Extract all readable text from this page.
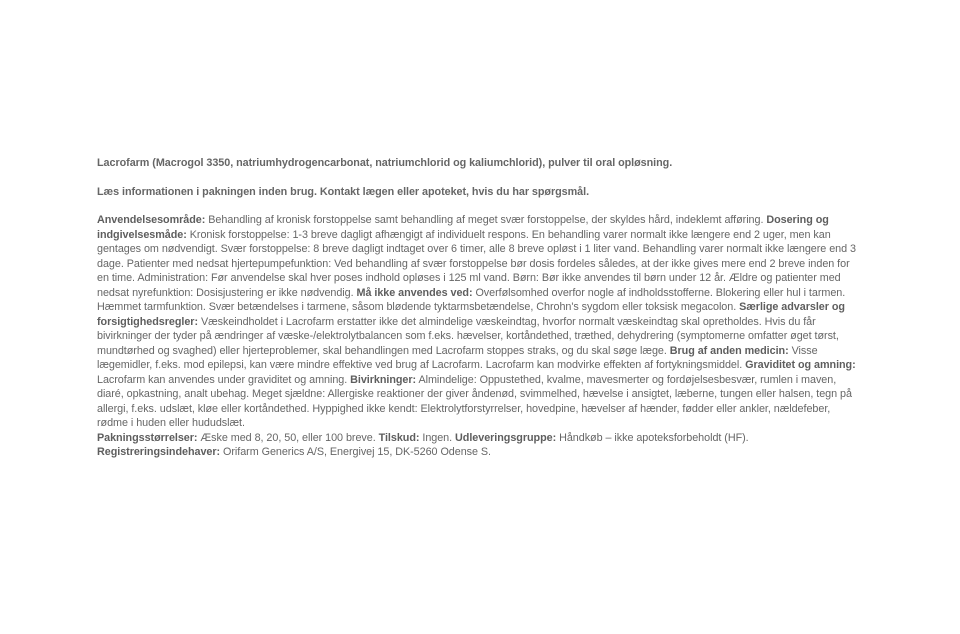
Lacrofarm (Macrogol 3350, natriumhydrogencarbonat, natriumchlorid og kaliumchlorid), pulver til oral opløsning.

Læs informationen i pakningen inden brug. Kontakt lægen eller apoteket, hvis du har spørgsmål.

Anvendelsesområde: Behandling af kronisk forstoppelse samt behandling af meget svær forstoppelse, der skyldes hård, indeklemt afføring. Dosering og indgivelsesmåde: Kronisk forstoppelse: 1-3 breve dagligt afhængigt af individuelt respons. En behandling varer normalt ikke længere end 2 uger, men kan gentages om nødvendigt. Svær forstoppelse: 8 breve dagligt indtaget over 6 timer, alle 8 breve opløst i 1 liter vand. Behandling varer normalt ikke længere end 3 dage. Patienter med nedsat hjertepumpefunktion: Ved behandling af svær forstoppelse bør dosis fordeles således, at der ikke gives mere end 2 breve inden for en time. Administration: Før anvendelse skal hver poses indhold opløses i 125 ml vand. Børn: Bør ikke anvendes til børn under 12 år. Ældre og patienter med nedsat nyrefunktion: Dosisjustering er ikke nødvendig. Må ikke anvendes ved: Overfølsomhed overfor nogle af indholdsstofferne. Blokering eller hul i tarmen. Hæmmet tarmfunktion. Svær betændelses i tarmene, såsom blødende tyktarmsbetændelse, Chrohn's sygdom eller toksisk megacolon. Særlige advarsler og forsigtighedsregler: Væskeindholdet i Lacrofarm erstatter ikke det almindelige væskeindtag, hvorfor normalt væskeindtag skal opretholdes. Hvis du får bivirkninger der tyder på ændringer af væske-/elektrolytbalancen som f.eks. hævelser, kortåndethed, træthed, dehydrering (symptomerne omfatter øget tørst, mundtørhed og svaghed) eller hjerteproblemer, skal behandlingen med Lacrofarm stoppes straks, og du skal søge læge. Brug af anden medicin: Visse lægemidler, f.eks. mod epilepsi, kan være mindre effektive ved brug af Lacrofarm. Lacrofarm kan modvirke effekten af fortykningsmiddel. Graviditet og amning: Lacrofarm kan anvendes under graviditet og amning. Bivirkninger: Almindelige: Oppustethed, kvalme, mavesmerter og fordøjelsesbesvær, rumlen i maven, diaré, opkastning, analt ubehag. Meget sjældne: Allergiske reaktioner der giver åndenød, svimmelhed, hævelse i ansigtet, læberne, tungen eller halsen, tegn på allergi, f.eks. udslæt, kløe eller kortåndethed. Hyppighed ikke kendt: Elektrolytforstyrrelser, hovedpine, hævelser af hænder, fødder eller ankler, nældefeber, rødme i huden eller hududslæt.

Pakningsstørrelser: Æske med 8, 20, 50, eller 100 breve. Tilskud: Ingen. Udleveringsgruppe: Håndkøb – ikke apoteksforbeholdt (HF).

Registreringsindehaver: Orifarm Generics A/S, Energivej 15, DK-5260 Odense S.
